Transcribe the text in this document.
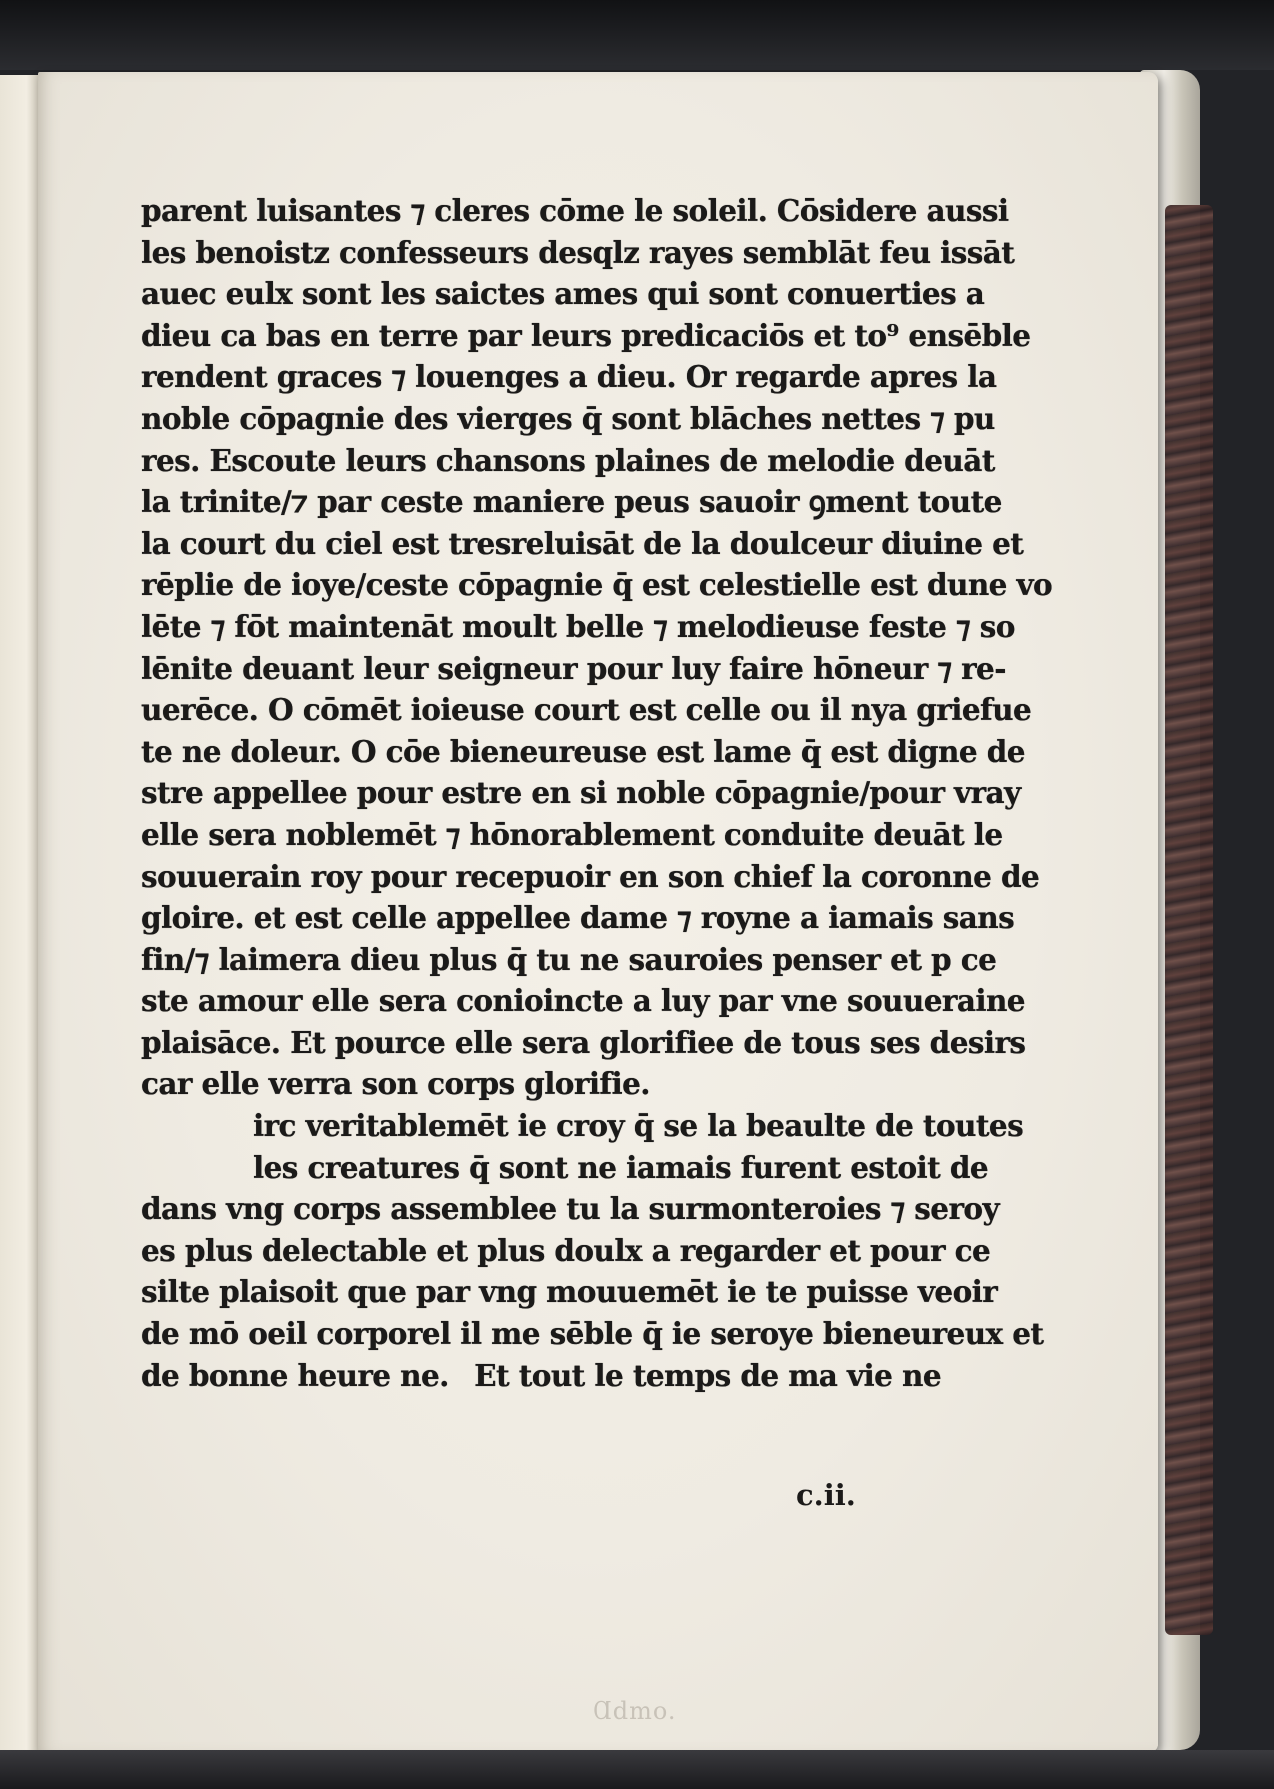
parent luisantes ⁊ cleres cōme le soleil. Cōsidere aussi
les benoistz confesseurs desqlz rayes semblāt feu issāt
auec eulx sont les saictes ames qui sont conuerties a
dieu ca bas en terre par leurs predicaciōs et to⁹ ensēble
rendent graces ⁊ louenges a dieu. Or regarde apres la
noble cōpagnie des vierges q̄ sont blāches nettes ⁊ pu
res. Escoute leurs chansons plaines de melodie deuāt
la trinite/⁊ par ceste maniere peus sauoir ꝯment toute
la court du ciel est tresreluisāt de la doulceur diuine et
rēplie de ioye/ceste cōpagnie q̄ est celestielle est dune vo
lēte ⁊ fōt maintenāt moult belle ⁊ melodieuse feste ⁊ so
lēnite deuant leur seigneur pour luy faire hōneur ⁊ re-
uerēce. O cōmēt ioieuse court est celle ou il nya griefue
te ne doleur. O cōe bieneureuse est lame q̄ est digne de
stre appellee pour estre en si noble cōpagnie/pour vray
elle sera noblemēt ⁊ hōnorablement conduite deuāt le
souuerain roy pour recepuoir en son chief la coronne de
gloire. et est celle appellee dame ⁊ royne a iamais sans
fin/⁊ laimera dieu plus q̄ tu ne sauroies penser et p ce
ste amour elle sera conioincte a luy par vne souueraine
plaisāce. Et pource elle sera glorifiee de tous ses desirs
car elle verra son corps glorifie.
irc veritablemēt ie croy q̄ se la beaulte de toutes
les creatures q̄ sont ne iamais furent estoit de
dans vng corps assemblee tu la surmonteroies ⁊ seroy
es plus delectable et plus doulx a regarder et pour ce
silte plaisoit que par vng mouuemēt ie te puisse veoir
de mō oeil corporel il me sēble q̄ ie seroye bieneureux et
de bonne heure ne. Et tout le temps de ma vie ne
c.ii.
Ɑdmo.
